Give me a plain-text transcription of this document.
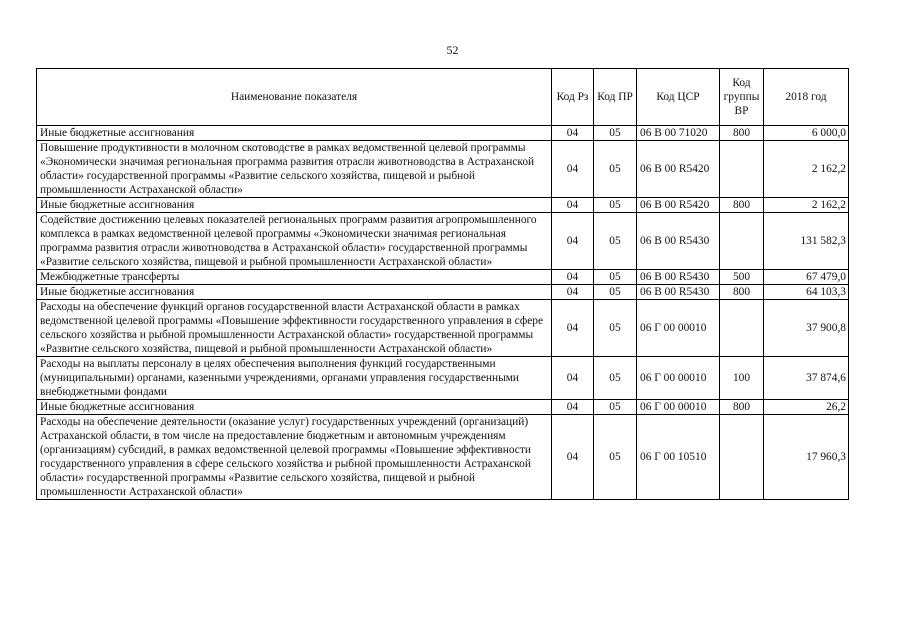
52
Наименование показателя	Код Рз	Код ПР	Код ЦСР	Код группы ВР	2018 год
Иные бюджетные ассигнования	04	05	06 В 00 71020	800	6 000,0
Повышение продуктивности в молочном скотоводстве в рамках ведомственной целевой программы «Экономически значимая региональная программа развития отрасли животноводства в Астраханской области» государственной программы «Развитие сельского хозяйства, пищевой и рыбной промышленности Астраханской области»	04	05	06 В 00 R5420		2 162,2
Иные бюджетные ассигнования	04	05	06 В 00 R5420	800	2 162,2
Содействие достижению целевых показателей региональных программ развития агропромышленного комплекса в рамках ведомственной целевой программы «Экономически значимая региональная программа развития отрасли животноводства в Астраханской области» государственной программы «Развитие сельского хозяйства, пищевой и рыбной промышленности Астраханской области»	04	05	06 В 00 R5430		131 582,3
Межбюджетные трансферты	04	05	06 В 00 R5430	500	67 479,0
Иные бюджетные ассигнования	04	05	06 В 00 R5430	800	64 103,3
Расходы на обеспечение функций органов государственной власти Астраханской области в рамках ведомственной целевой программы «Повышение эффективности государственного управления в сфере сельского хозяйства и рыбной промышленности Астраханской области» государственной программы «Развитие сельского хозяйства, пищевой и рыбной промышленности Астраханской области»	04	05	06 Г 00 00010		37 900,8
Расходы на выплаты персоналу в целях обеспечения выполнения функций государственными (муниципальными) органами, казенными учреждениями, органами управления государственными внебюджетными фондами	04	05	06 Г 00 00010	100	37 874,6
Иные бюджетные ассигнования	04	05	06 Г 00 00010	800	26,2
Расходы на обеспечение деятельности (оказание услуг) государственных учреждений (организаций) Астраханской области, в том числе на предоставление бюджетным и автономным учреждениям (организациям) субсидий, в рамках ведомственной целевой программы «Повышение эффективности государственного управления в сфере сельского хозяйства и рыбной промышленности Астраханской области» государственной программы «Развитие сельского хозяйства, пищевой и рыбной промышленности Астраханской области»	04	05	06 Г 00 10510		17 960,3
